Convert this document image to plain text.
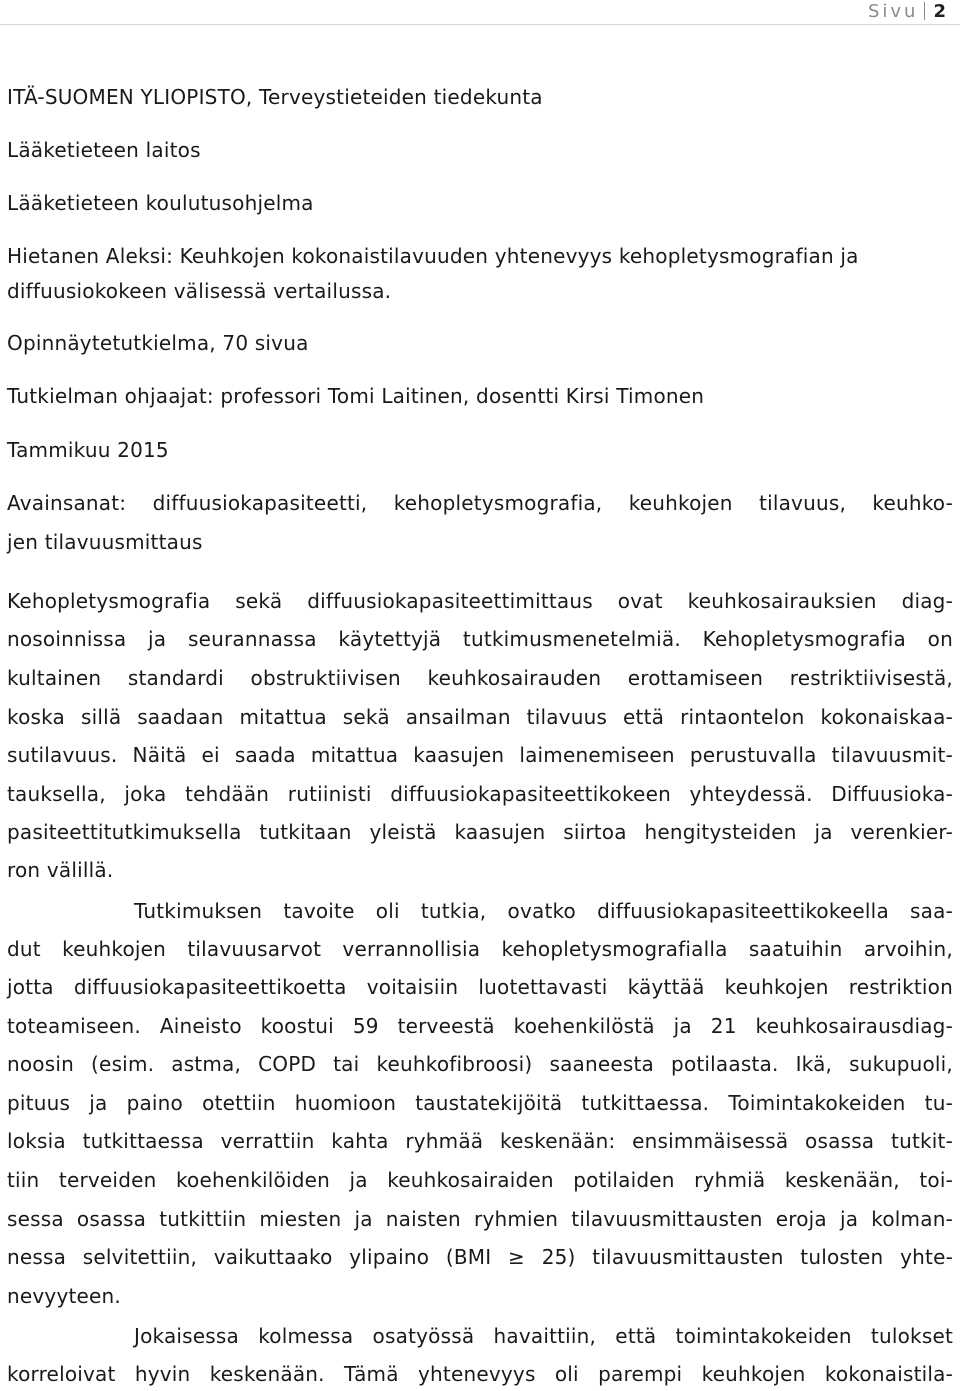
Sivu 2

ITÄ-SUOMEN YLIOPISTO, Terveystieteiden tiedekunta

Lääketieteen laitos

Lääketieteen koulutusohjelma

Hietanen Aleksi: Keuhkojen kokonaistilavuuden yhtenevyys kehopletysmografian ja

diffuusiokokeen välisessä vertailussa.

Opinnäytetutkielma, 70 sivua

Tutkielman ohjaajat: professori Tomi Laitinen, dosentti Kirsi Timonen

Tammikuu 2015

Avainsanat: diffuusiokapasiteetti, kehopletysmografia, keuhkojen tilavuus, keuhko-

jen tilavuusmittaus

Kehopletysmografia sekä diffuusiokapasiteettimittaus ovat keuhkosairauksien diag-

nosoinnissa ja seurannassa käytettyjä tutkimusmenetelmiä. Kehopletysmografia on

kultainen standardi obstruktiivisen keuhkosairauden erottamiseen restriktiivisestä,

koska sillä saadaan mitattua sekä ansailman tilavuus että rintaontelon kokonaiskaa-

sutilavuus. Näitä ei saada mitattua kaasujen laimenemiseen perustuvalla tilavuusmit-

tauksella, joka tehdään rutiinisti diffuusiokapasiteettikokeen yhteydessä. Diffuusioka-

pasiteettitutkimuksella tutkitaan yleistä kaasujen siirtoa hengitysteiden ja verenkier-

ron välillä.

Tutkimuksen tavoite oli tutkia, ovatko diffuusiokapasiteettikokeella saa-

dut keuhkojen tilavuusarvot verrannollisia kehopletysmografialla saatuihin arvoihin,

jotta diffuusiokapasiteettikoetta voitaisiin luotettavasti käyttää keuhkojen restriktion

toteamiseen. Aineisto koostui 59 terveestä koehenkilöstä ja 21 keuhkosairausdiag-

noosin (esim. astma, COPD tai keuhkofibroosi) saaneesta potilaasta. Ikä, sukupuoli,

pituus ja paino otettiin huomioon taustatekijöitä tutkittaessa. Toimintakokeiden tu-

loksia tutkittaessa verrattiin kahta ryhmää keskenään: ensimmäisessä osassa tutkit-

tiin terveiden koehenkilöiden ja keuhkosairaiden potilaiden ryhmiä keskenään, toi-

sessa osassa tutkittiin miesten ja naisten ryhmien tilavuusmittausten eroja ja kolman-

nessa selvitettiin, vaikuttaako ylipaino (BMI ≥ 25) tilavuusmittausten tulosten yhte-

nevyyteen.

Jokaisessa kolmessa osatyössä havaittiin, että toimintakokeiden tulokset

korreloivat hyvin keskenään. Tämä yhtenevyys oli parempi keuhkojen kokonaistila-
